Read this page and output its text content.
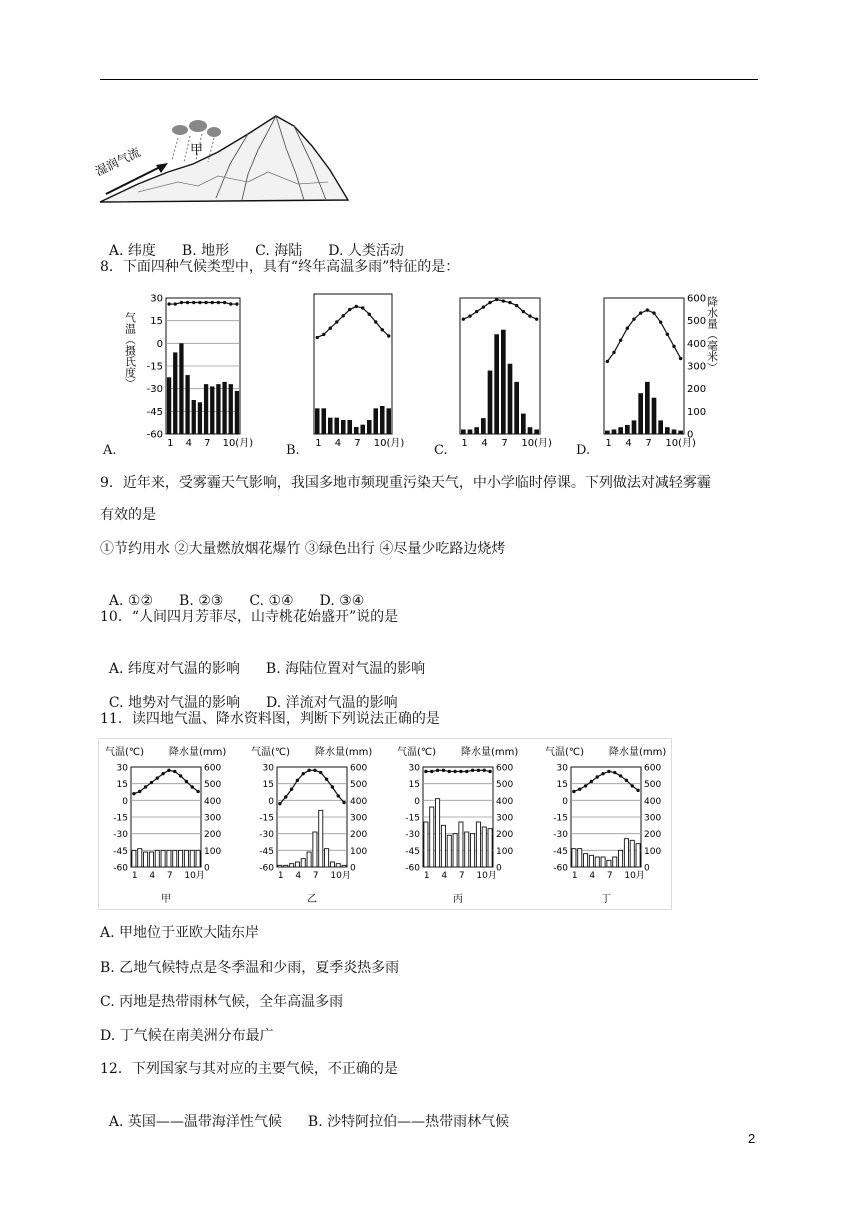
湿润气流	甲

A. 纬度 B. 地形 C. 海陆 D. 人类活动

8．下面四种气候类型中，具有“终年高温多雨”特征的是：
A.	B.	C.	D.
30
15
0
-15
-30
-45
-60
1 4 7 10(月)
气温（摄氏度）
1 4 7 10(月)	1 4 7 10(月)
600
500
400
300
200
100
0
1 4 7 10(月)
降水量（毫米）
9．近年来，受雾霾天气影响，我国多地市频现重污染天气，中小学临时停课。下列做法对减轻雾霾
有效的是
①节约用水 ②大量燃放烟花爆竹 ③绿色出行 ④尽量少吃路边烧烤

A. ①② B. ②③ C. ①④ D. ③④

10．“人间四月芳菲尽，山寺桃花始盛开”说的是

A. 纬度对气温的影响 B. 海陆位置对气温的影响

C. 地势对气温的影响 D. 洋流对气温的影响

11．读四地气温、降水资料图，判断下列说法正确的是
30
15
0
-15
-30
-45
-60
600
500
400
300
200
100
0
1 4 7 10月
气温(℃) 降水量(mm)
甲
30
15
0
-15
-30
-45
-60
600
500
400
300
200
100
0
1 4 7 10月
气温(℃) 降水量(mm)
乙
30
15
0
-15
-30
-45
-60
600
500
400
300
200
100
0
1 4 7 10月
气温(℃) 降水量(mm)
丙
30
15
0
-15
-30
-45
-60
600
500
400
300
200
100
0
1 4 7 10月
气温(℃) 降水量(mm)
丁
A. 甲地位于亚欧大陆东岸
B. 乙地气候特点是冬季温和少雨，夏季炎热多雨
C. 丙地是热带雨林气候，全年高温多雨
D. 丁气候在南美洲分布最广
12．下列国家与其对应的主要气候，不正确的是

A. 英国——温带海洋性气候 B. 沙特阿拉伯——热带雨林气候

2
